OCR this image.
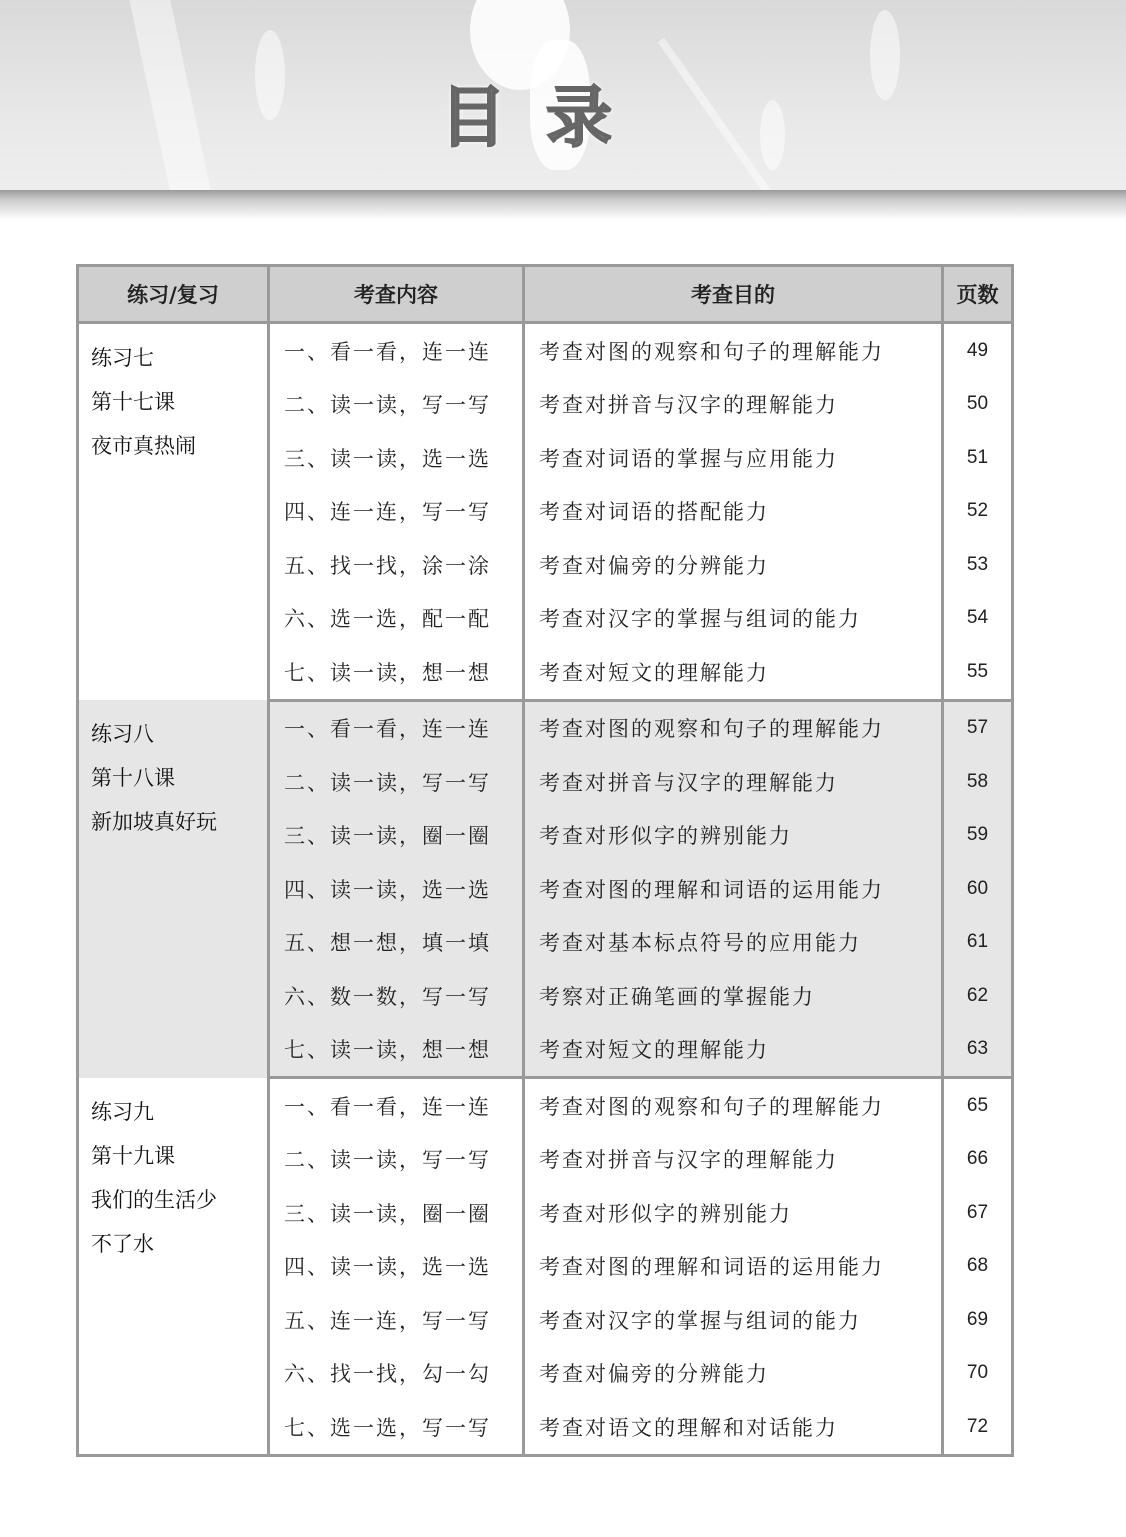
目 录
练习/复习	考查内容	考查目的	页数

练习七
第十七课
夜市真热闹	一、看一看，连一连	考查对图的观察和句子的理解能力	49
	二、读一读，写一写	考查对拼音与汉字的理解能力	50
	三、读一读，选一选	考查对词语的掌握与应用能力	51
	四、连一连，写一写	考查对词语的搭配能力	52
	五、找一找，涂一涂	考查对偏旁的分辨能力	53
	六、选一选，配一配	考查对汉字的掌握与组词的能力	54
	七、读一读，想一想	考查对短文的理解能力	55

练习八
第十八课
新加坡真好玩	一、看一看，连一连	考查对图的观察和句子的理解能力	57
	二、读一读，写一写	考查对拼音与汉字的理解能力	58
	三、读一读，圈一圈	考查对形似字的辨别能力	59
	四、读一读，选一选	考查对图的理解和词语的运用能力	60
	五、想一想，填一填	考查对基本标点符号的应用能力	61
	六、数一数，写一写	考察对正确笔画的掌握能力	62
	七、读一读，想一想	考查对短文的理解能力	63

练习九
第十九课
我们的生活少
不了水	一、看一看，连一连	考查对图的观察和句子的理解能力	65
	二、读一读，写一写	考查对拼音与汉字的理解能力	66
	三、读一读，圈一圈	考查对形似字的辨别能力	67
	四、读一读，选一选	考查对图的理解和词语的运用能力	68
	五、连一连，写一写	考查对汉字的掌握与组词的能力	69
	六、找一找，勾一勾	考查对偏旁的分辨能力	70
	七、选一选，写一写	考查对语文的理解和对话能力	72
